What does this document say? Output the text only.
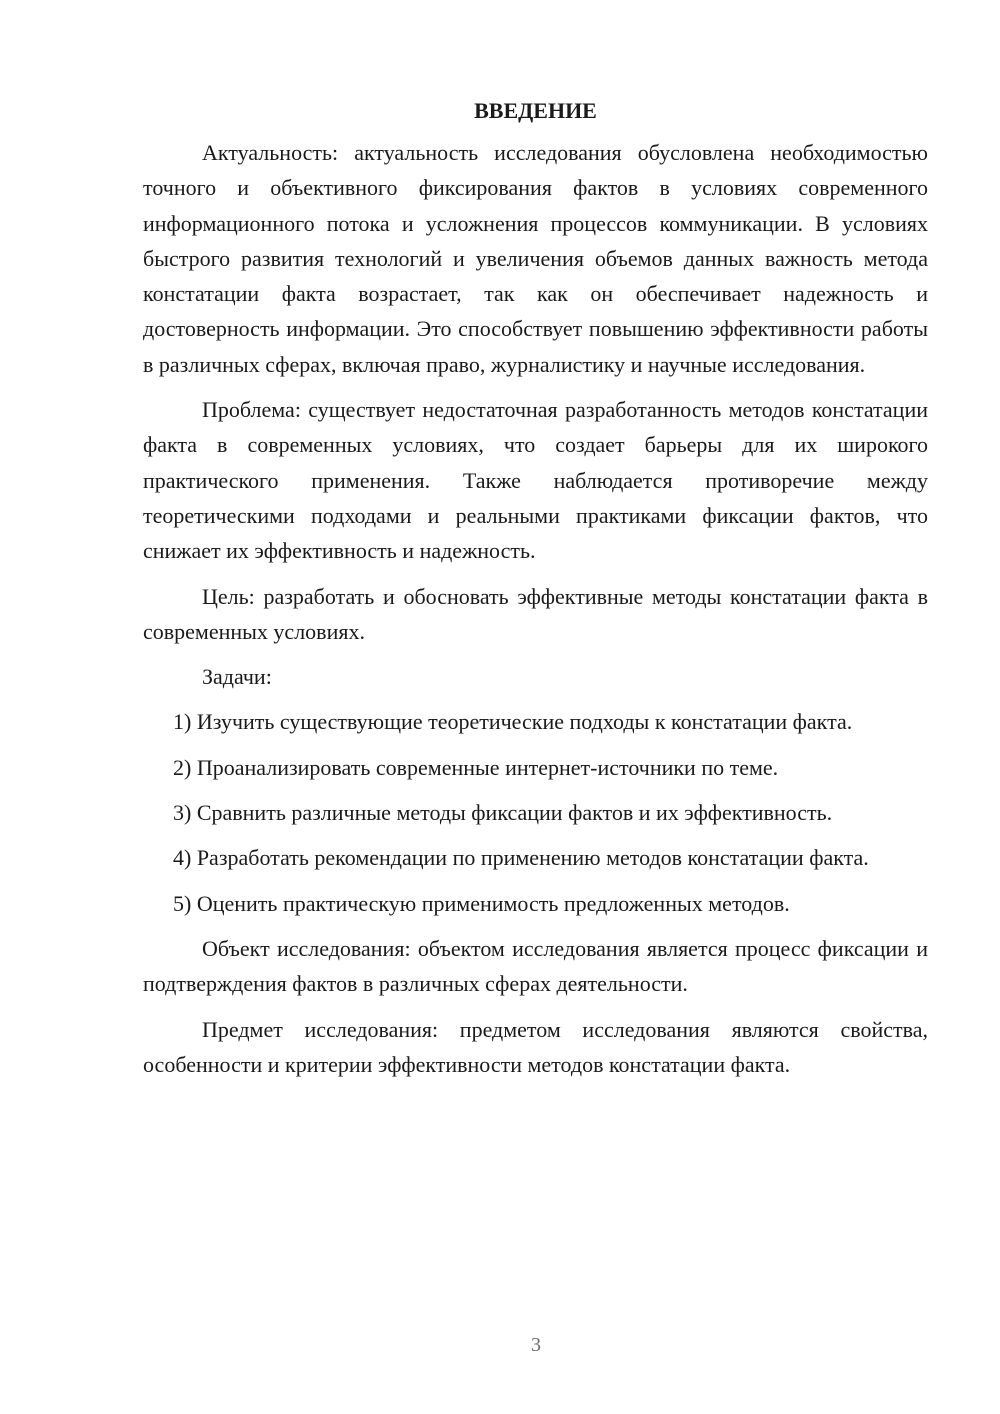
ВВЕДЕНИЕ

Актуальность: актуальность исследования обусловлена необходимостью точного и объективного фиксирования фактов в условиях современного информационного потока и усложнения процессов коммуникации. В условиях быстрого развития технологий и увеличения объемов данных важность метода констатации факта возрастает, так как он обеспечивает надежность и достоверность информации. Это способствует повышению эффективности работы в различных сферах, включая право, журналистику и научные исследования.

Проблема: существует недостаточная разработанность методов констатации факта в современных условиях, что создает барьеры для их широкого практического применения. Также наблюдается противоречие между теоретическими подходами и реальными практиками фиксации фактов, что снижает их эффективность и надежность.

Цель: разработать и обосновать эффективные методы констатации факта в современных условиях.

Задачи:

1) Изучить существующие теоретические подходы к констатации факта.

2) Проанализировать современные интернет-источники по теме.

3) Сравнить различные методы фиксации фактов и их эффективность.

4) Разработать рекомендации по применению методов констатации факта.

5) Оценить практическую применимость предложенных методов.

Объект исследования: объектом исследования является процесс фиксации и подтверждения фактов в различных сферах деятельности.

Предмет исследования: предметом исследования являются свойства, особенности и критерии эффективности методов констатации факта.

3
